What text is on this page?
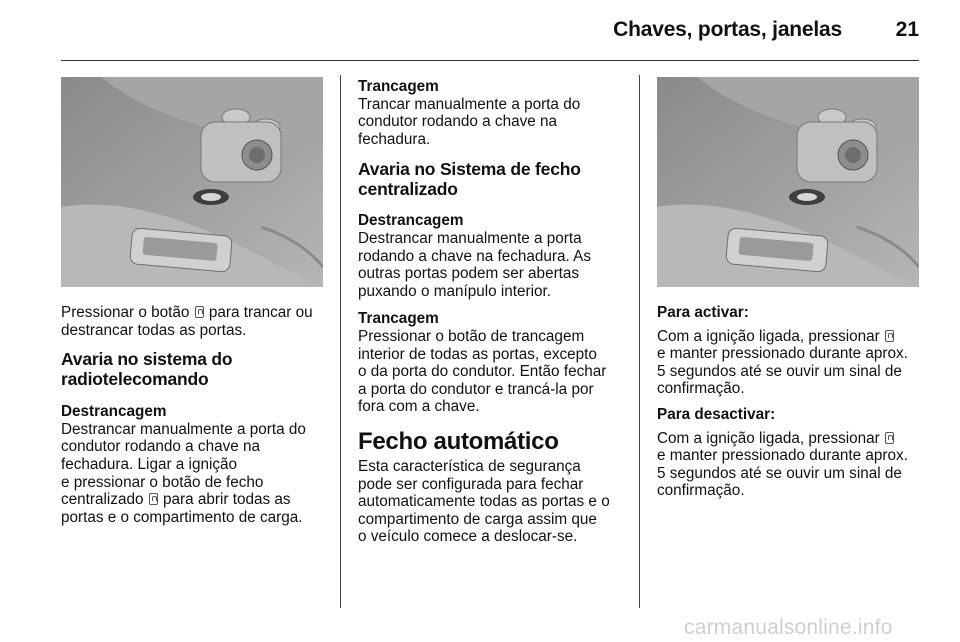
Chaves, portas, janelas	21

Pressionar o botão para trancar ou
destrancar todas as portas.

Avaria no sistema do
radiotelecomando

Destrancagem

Destrancar manualmente a porta do
condutor rodando a chave na
fechadura. Ligar a ignição
e pressionar o botão de fecho
centralizado para abrir todas as
portas e o compartimento de carga.

Trancagem

Trancar manualmente a porta do
condutor rodando a chave na
fechadura.

Avaria no Sistema de fecho
centralizado

Destrancagem

Destrancar manualmente a porta
rodando a chave na fechadura. As
outras portas podem ser abertas
puxando o manípulo interior.

Trancagem

Pressionar o botão de trancagem
interior de todas as portas, excepto
o da porta do condutor. Então fechar
a porta do condutor e trancá-la por
fora com a chave.

Fecho automático

Esta característica de segurança
pode ser configurada para fechar
automaticamente todas as portas e o
compartimento de carga assim que
o veículo comece a deslocar-se.

Para activar:

Com a ignição ligada, pressionar
e manter pressionado durante aprox.
5 segundos até se ouvir um sinal de
confirmação.

Para desactivar:

Com a ignição ligada, pressionar
e manter pressionado durante aprox.
5 segundos até se ouvir um sinal de
confirmação.

carmanualsonline.info
